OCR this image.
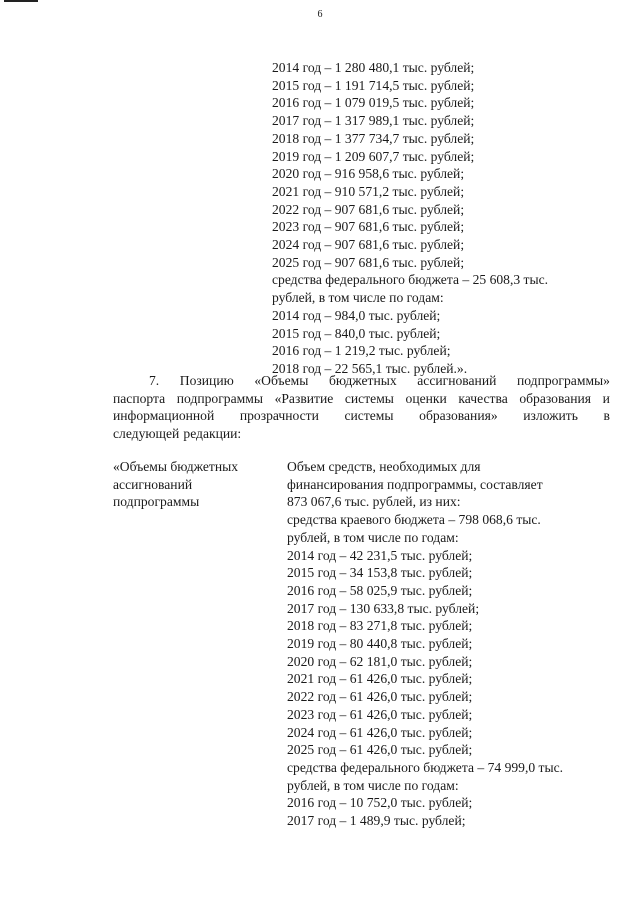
6
2014 год – 1 280 480,1 тыс. рублей;
2015 год – 1 191 714,5 тыс. рублей;
2016 год – 1 079 019,5 тыс. рублей;
2017 год – 1 317 989,1 тыс. рублей;
2018 год – 1 377 734,7 тыс. рублей;
2019 год – 1 209 607,7 тыс. рублей;
2020 год – 916 958,6 тыс. рублей;
2021 год – 910 571,2 тыс. рублей;
2022 год – 907 681,6 тыс. рублей;
2023 год – 907 681,6 тыс. рублей;
2024 год – 907 681,6 тыс. рублей;
2025 год – 907 681,6 тыс. рублей;
средства федерального бюджета – 25 608,3 тыс.
рублей, в том числе по годам:
2014 год – 984,0 тыс. рублей;
2015 год – 840,0 тыс. рублей;
2016 год – 1 219,2 тыс. рублей;
2018 год – 22 565,1 тыс. рублей.».
7. Позицию «Объемы бюджетных ассигнований подпрограммы»
паспорта подпрограммы «Развитие системы оценки качества образования и
информационной прозрачности системы образования» изложить в
следующей редакции:
«Объемы бюджетных
ассигнований
подпрограммы
Объем средств, необходимых для
финансирования подпрограммы, составляет
873 067,6 тыс. рублей, из них:
средства краевого бюджета – 798 068,6 тыс.
рублей, в том числе по годам:
2014 год – 42 231,5 тыс. рублей;
2015 год – 34 153,8 тыс. рублей;
2016 год – 58 025,9 тыс. рублей;
2017 год – 130 633,8 тыс. рублей;
2018 год – 83 271,8 тыс. рублей;
2019 год – 80 440,8 тыс. рублей;
2020 год – 62 181,0 тыс. рублей;
2021 год – 61 426,0 тыс. рублей;
2022 год – 61 426,0 тыс. рублей;
2023 год – 61 426,0 тыс. рублей;
2024 год – 61 426,0 тыс. рублей;
2025 год – 61 426,0 тыс. рублей;
средства федерального бюджета – 74 999,0 тыс.
рублей, в том числе по годам:
2016 год – 10 752,0 тыс. рублей;
2017 год – 1 489,9 тыс. рублей;
